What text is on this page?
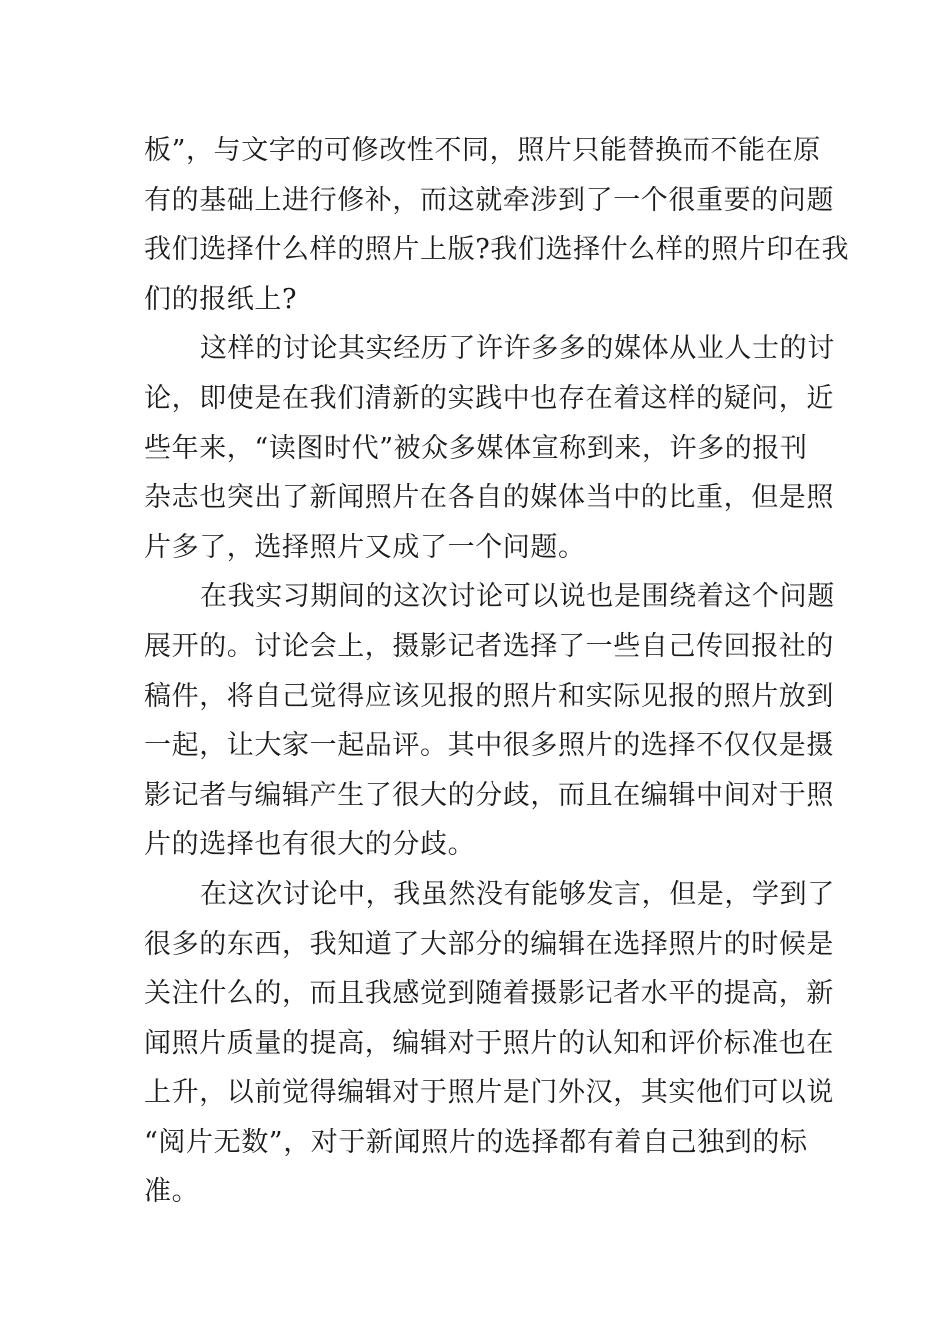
板”，与文字的可修改性不同，照片只能替换而不能在原
有的基础上进行修补，而这就牵涉到了一个很重要的问题
我们选择什么样的照片上版?我们选择什么样的照片印在我
们的报纸上?
这样的讨论其实经历了许许多多的媒体从业人士的讨
论，即使是在我们清新的实践中也存在着这样的疑问，近
些年来，“读图时代”被众多媒体宣称到来，许多的报刊
杂志也突出了新闻照片在各自的媒体当中的比重，但是照
片多了，选择照片又成了一个问题。
在我实习期间的这次讨论可以说也是围绕着这个问题
展开的。讨论会上，摄影记者选择了一些自己传回报社的
稿件，将自己觉得应该见报的照片和实际见报的照片放到
一起，让大家一起品评。其中很多照片的选择不仅仅是摄
影记者与编辑产生了很大的分歧，而且在编辑中间对于照
片的选择也有很大的分歧。
在这次讨论中，我虽然没有能够发言，但是，学到了
很多的东西，我知道了大部分的编辑在选择照片的时候是
关注什么的，而且我感觉到随着摄影记者水平的提高，新
闻照片质量的提高，编辑对于照片的认知和评价标准也在
上升，以前觉得编辑对于照片是门外汉，其实他们可以说
“阅片无数”，对于新闻照片的选择都有着自己独到的标
准。
